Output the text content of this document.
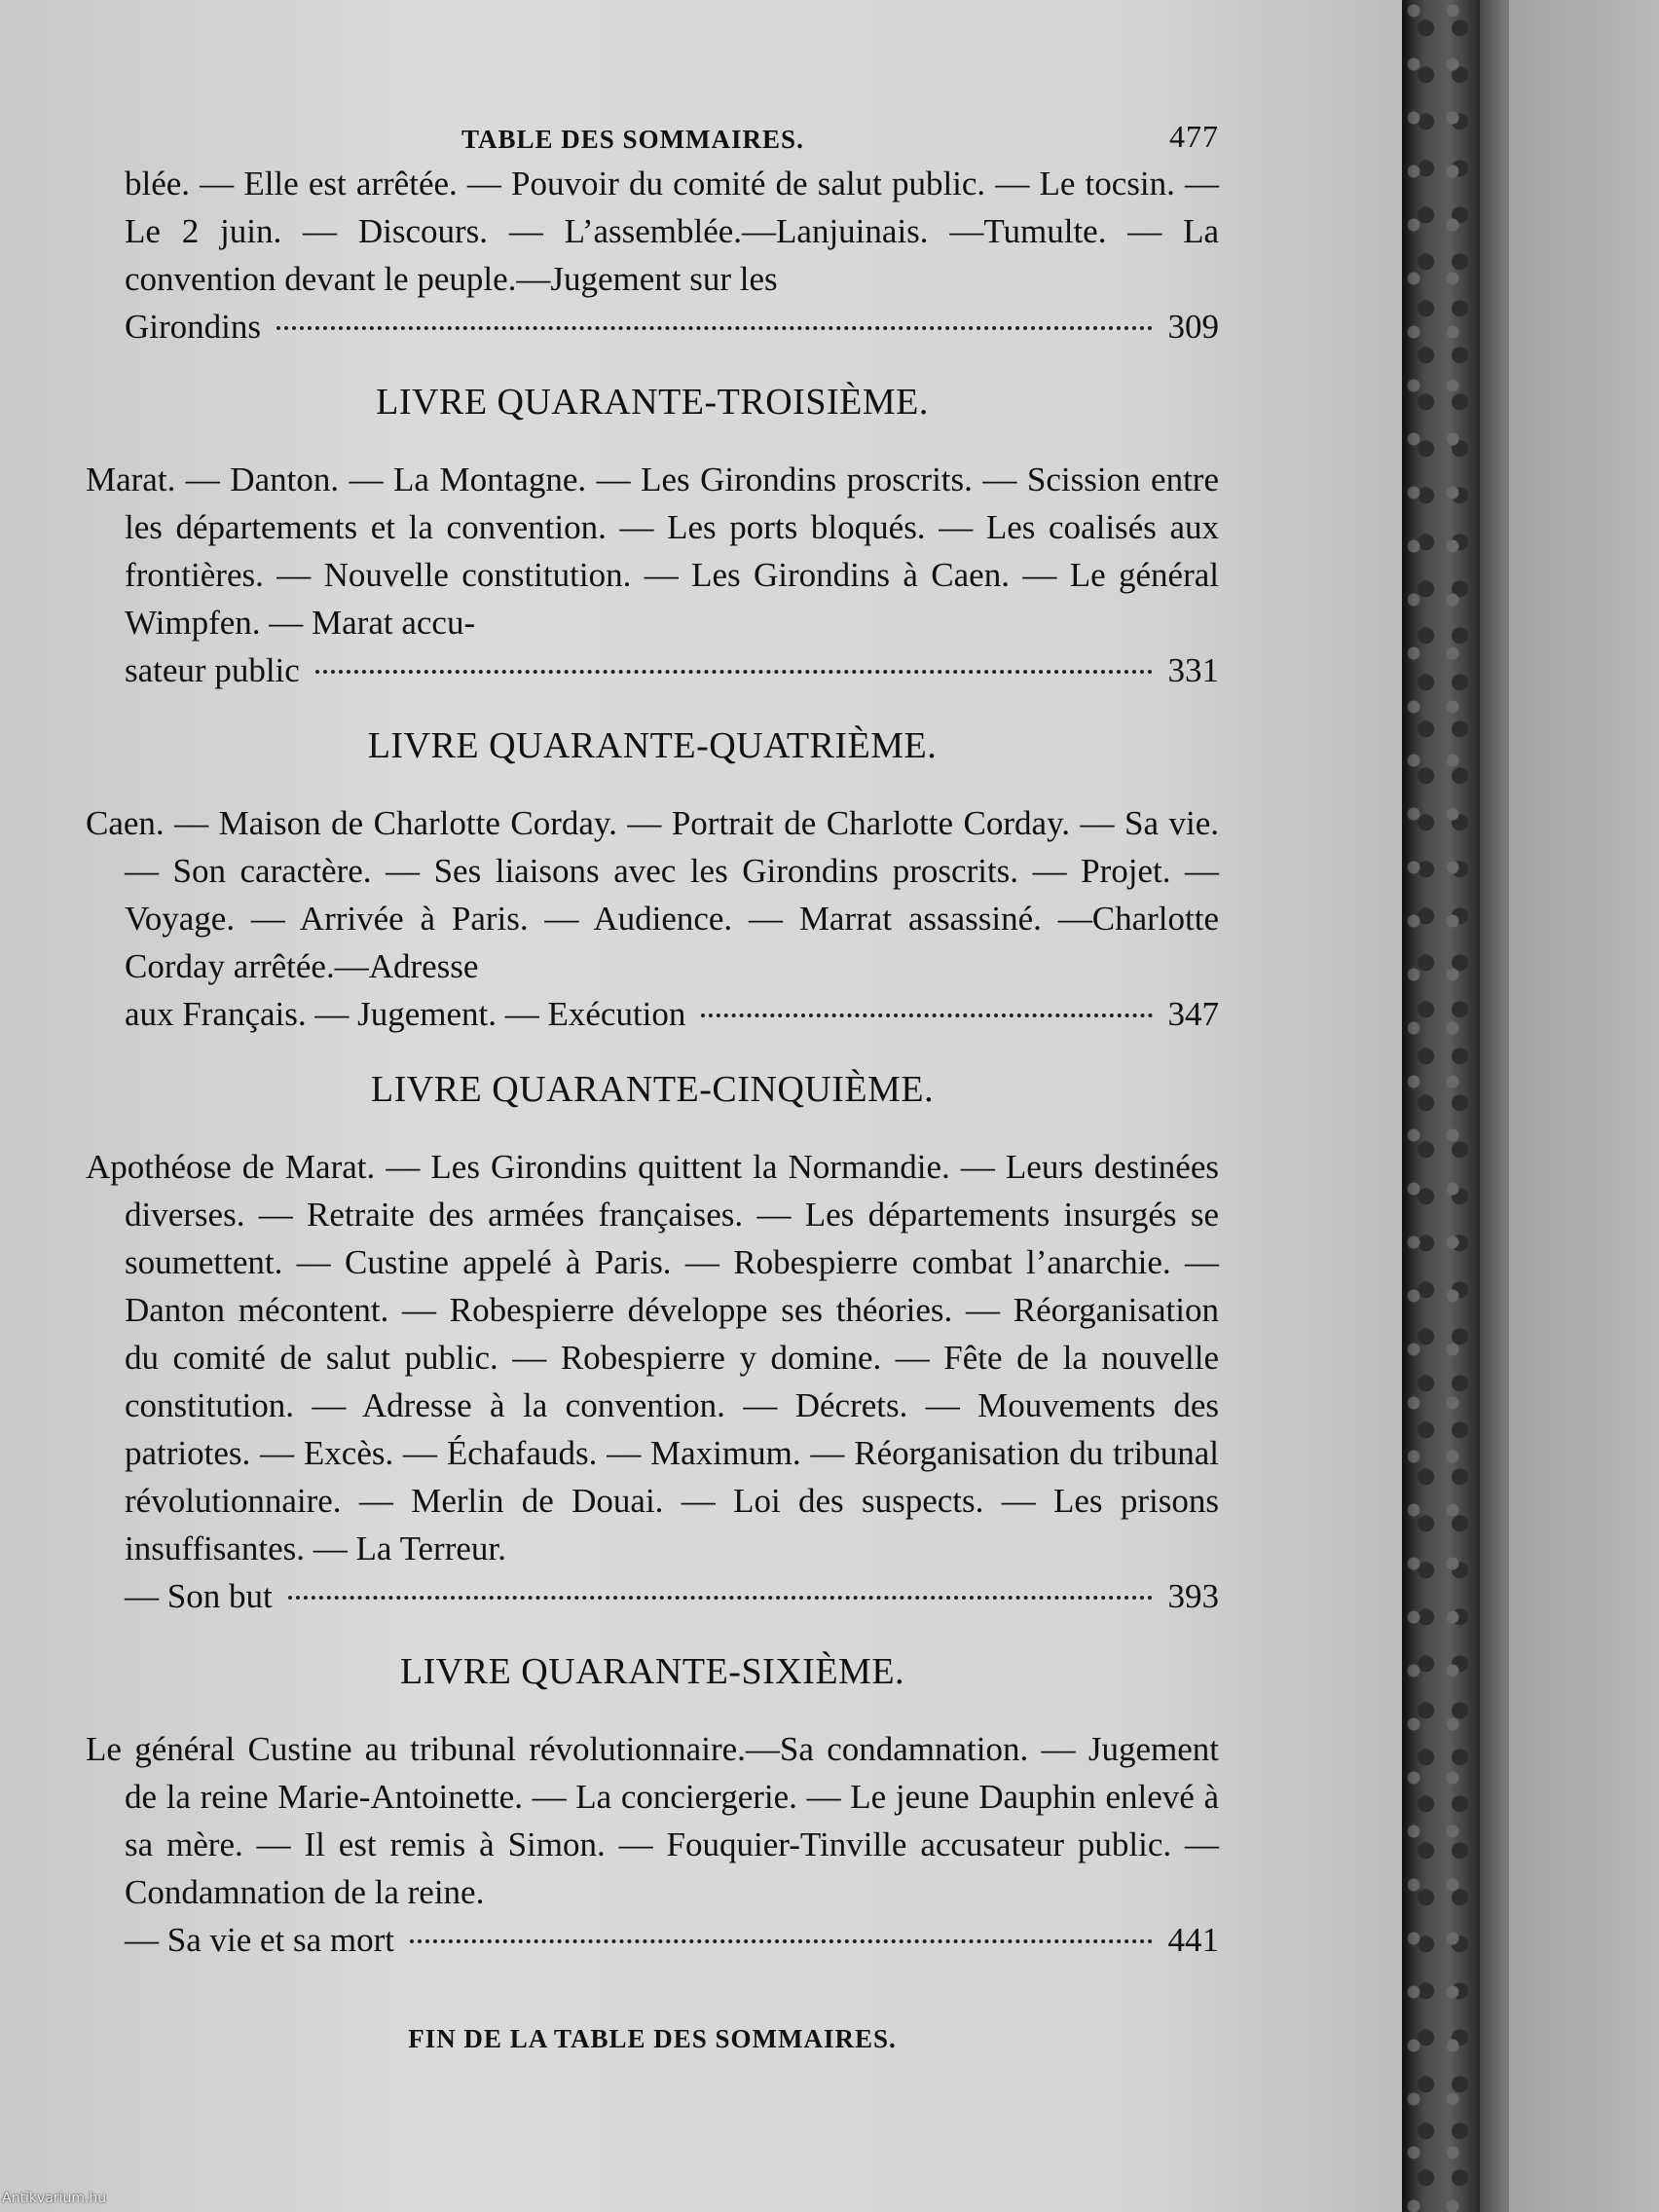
TABLE DES SOMMAIRES.	477

blée. — Elle est arrêtée. — Pouvoir du comité de salut public. — Le tocsin. — Le 2 juin. — Discours. — L’assemblée.—Lanjuinais. —Tumulte. — La convention devant le peuple.—Jugement sur les

Girondins	309
LIVRE QUARANTE-TROISIÈME.

Marat. — Danton. — La Montagne. — Les Girondins proscrits. — Scission entre les départements et la convention. — Les ports bloqués. — Les coalisés aux frontières. — Nouvelle constitution. — Les Girondins à Caen. — Le général Wimpfen. — Marat accu-

sateur public	331
LIVRE QUARANTE-QUATRIÈME.

Caen. — Maison de Charlotte Corday. — Portrait de Charlotte Corday. — Sa vie. — Son caractère. — Ses liaisons avec les Girondins proscrits. — Projet. — Voyage. — Arrivée à Paris. — Audience. — Marrat assassiné. —Charlotte Corday arrêtée.—Adresse

aux Français. — Jugement. — Exécution	347
LIVRE QUARANTE-CINQUIÈME.

Apothéose de Marat. — Les Girondins quittent la Normandie. — Leurs destinées diverses. — Retraite des armées françaises. — Les départements insurgés se soumettent. — Custine appelé à Paris. — Robespierre combat l’anarchie. — Danton mécontent. — Robespierre développe ses théories. — Réorganisation du comité de salut public. — Robespierre y domine. — Fête de la nouvelle constitution. — Adresse à la convention. — Décrets. — Mouvements des patriotes. — Excès. — Échafauds. — Maximum. — Réorganisation du tribunal révolutionnaire. — Merlin de Douai. — Loi des suspects. — Les prisons insuffisantes. — La Terreur.

— Son but	393
LIVRE QUARANTE-SIXIÈME.

Le général Custine au tribunal révolutionnaire.—Sa condamnation. — Jugement de la reine Marie-Antoinette. — La conciergerie. — Le jeune Dauphin enlevé à sa mère. — Il est remis à Simon. — Fouquier-Tinville accusateur public. — Condamnation de la reine.

— Sa vie et sa mort	441
FIN DE LA TABLE DES SOMMAIRES.
Antikvarium.hu
